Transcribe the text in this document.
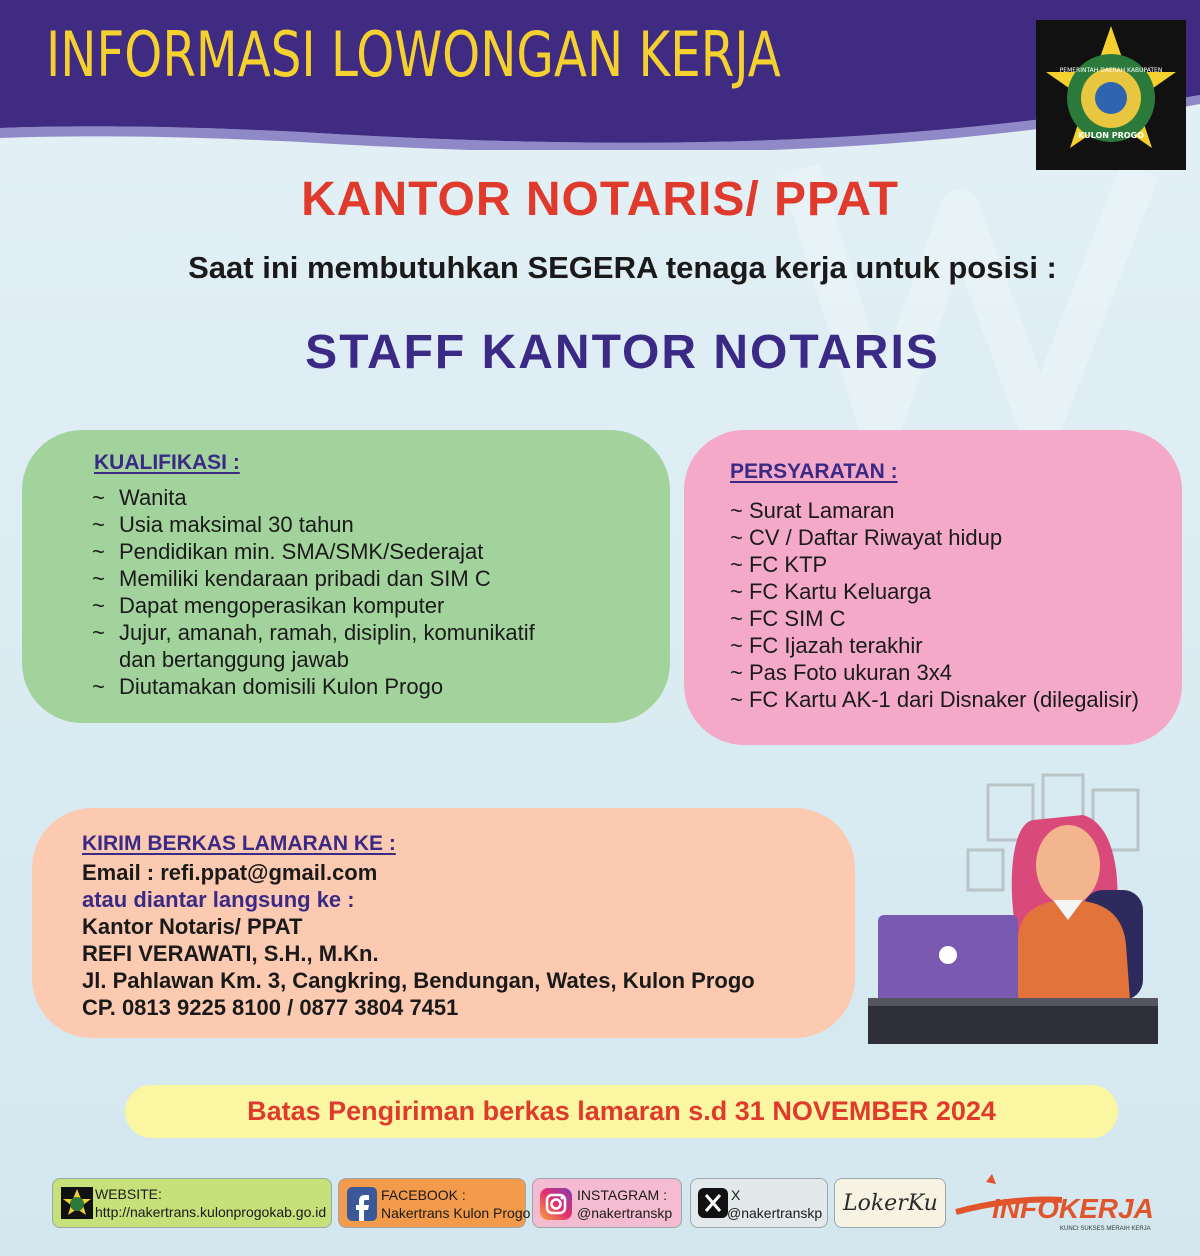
INFORMASI LOWONGAN KERJA	PEMERINTAH DAERAH KABUPATEN
KULON PROGO
KANTOR NOTARIS/ PPAT
Saat ini membutuhkan SEGERA tenaga kerja untuk posisi :
STAFF KANTOR NOTARIS
KUALIFIKASI :
~ Wanita
~ Usia maksimal 30 tahun
~ Pendidikan min. SMA/SMK/Sederajat
~ Memiliki kendaraan pribadi dan SIM C
~ Dapat mengoperasikan komputer
~ Jujur, amanah, ramah, disiplin, komunikatif
dan bertanggung jawab
~ Diutamakan domisili Kulon Progo
PERSYARATAN :
~ Surat Lamaran
~ CV / Daftar Riwayat hidup
~ FC KTP
~ FC Kartu Keluarga
~ FC SIM C
~ FC Ijazah terakhir
~ Pas Foto ukuran 3x4
~ FC Kartu AK-1 dari Disnaker (dilegalisir)
KIRIM BERKAS LAMARAN KE :
Email : refi.ppat@gmail.com
atau diantar langsung ke :
Kantor Notaris/ PPAT
REFI VERAWATI, S.H., M.Kn.
Jl. Pahlawan Km. 3, Cangkring, Bendungan, Wates, Kulon Progo
CP. 0813 9225 8100 / 0877 3804 7451
Batas Pengiriman berkas lamaran s.d 31 NOVEMBER 2024
WEBSITE:
http://nakertrans.kulonprogokab.go.id
FACEBOOK :
Nakertrans Kulon Progo
INSTAGRAM :
@nakertranskp
X
@nakertranskp LokerKu INFOKERJA
KUNCI SUKSES MERAIH KERJA
